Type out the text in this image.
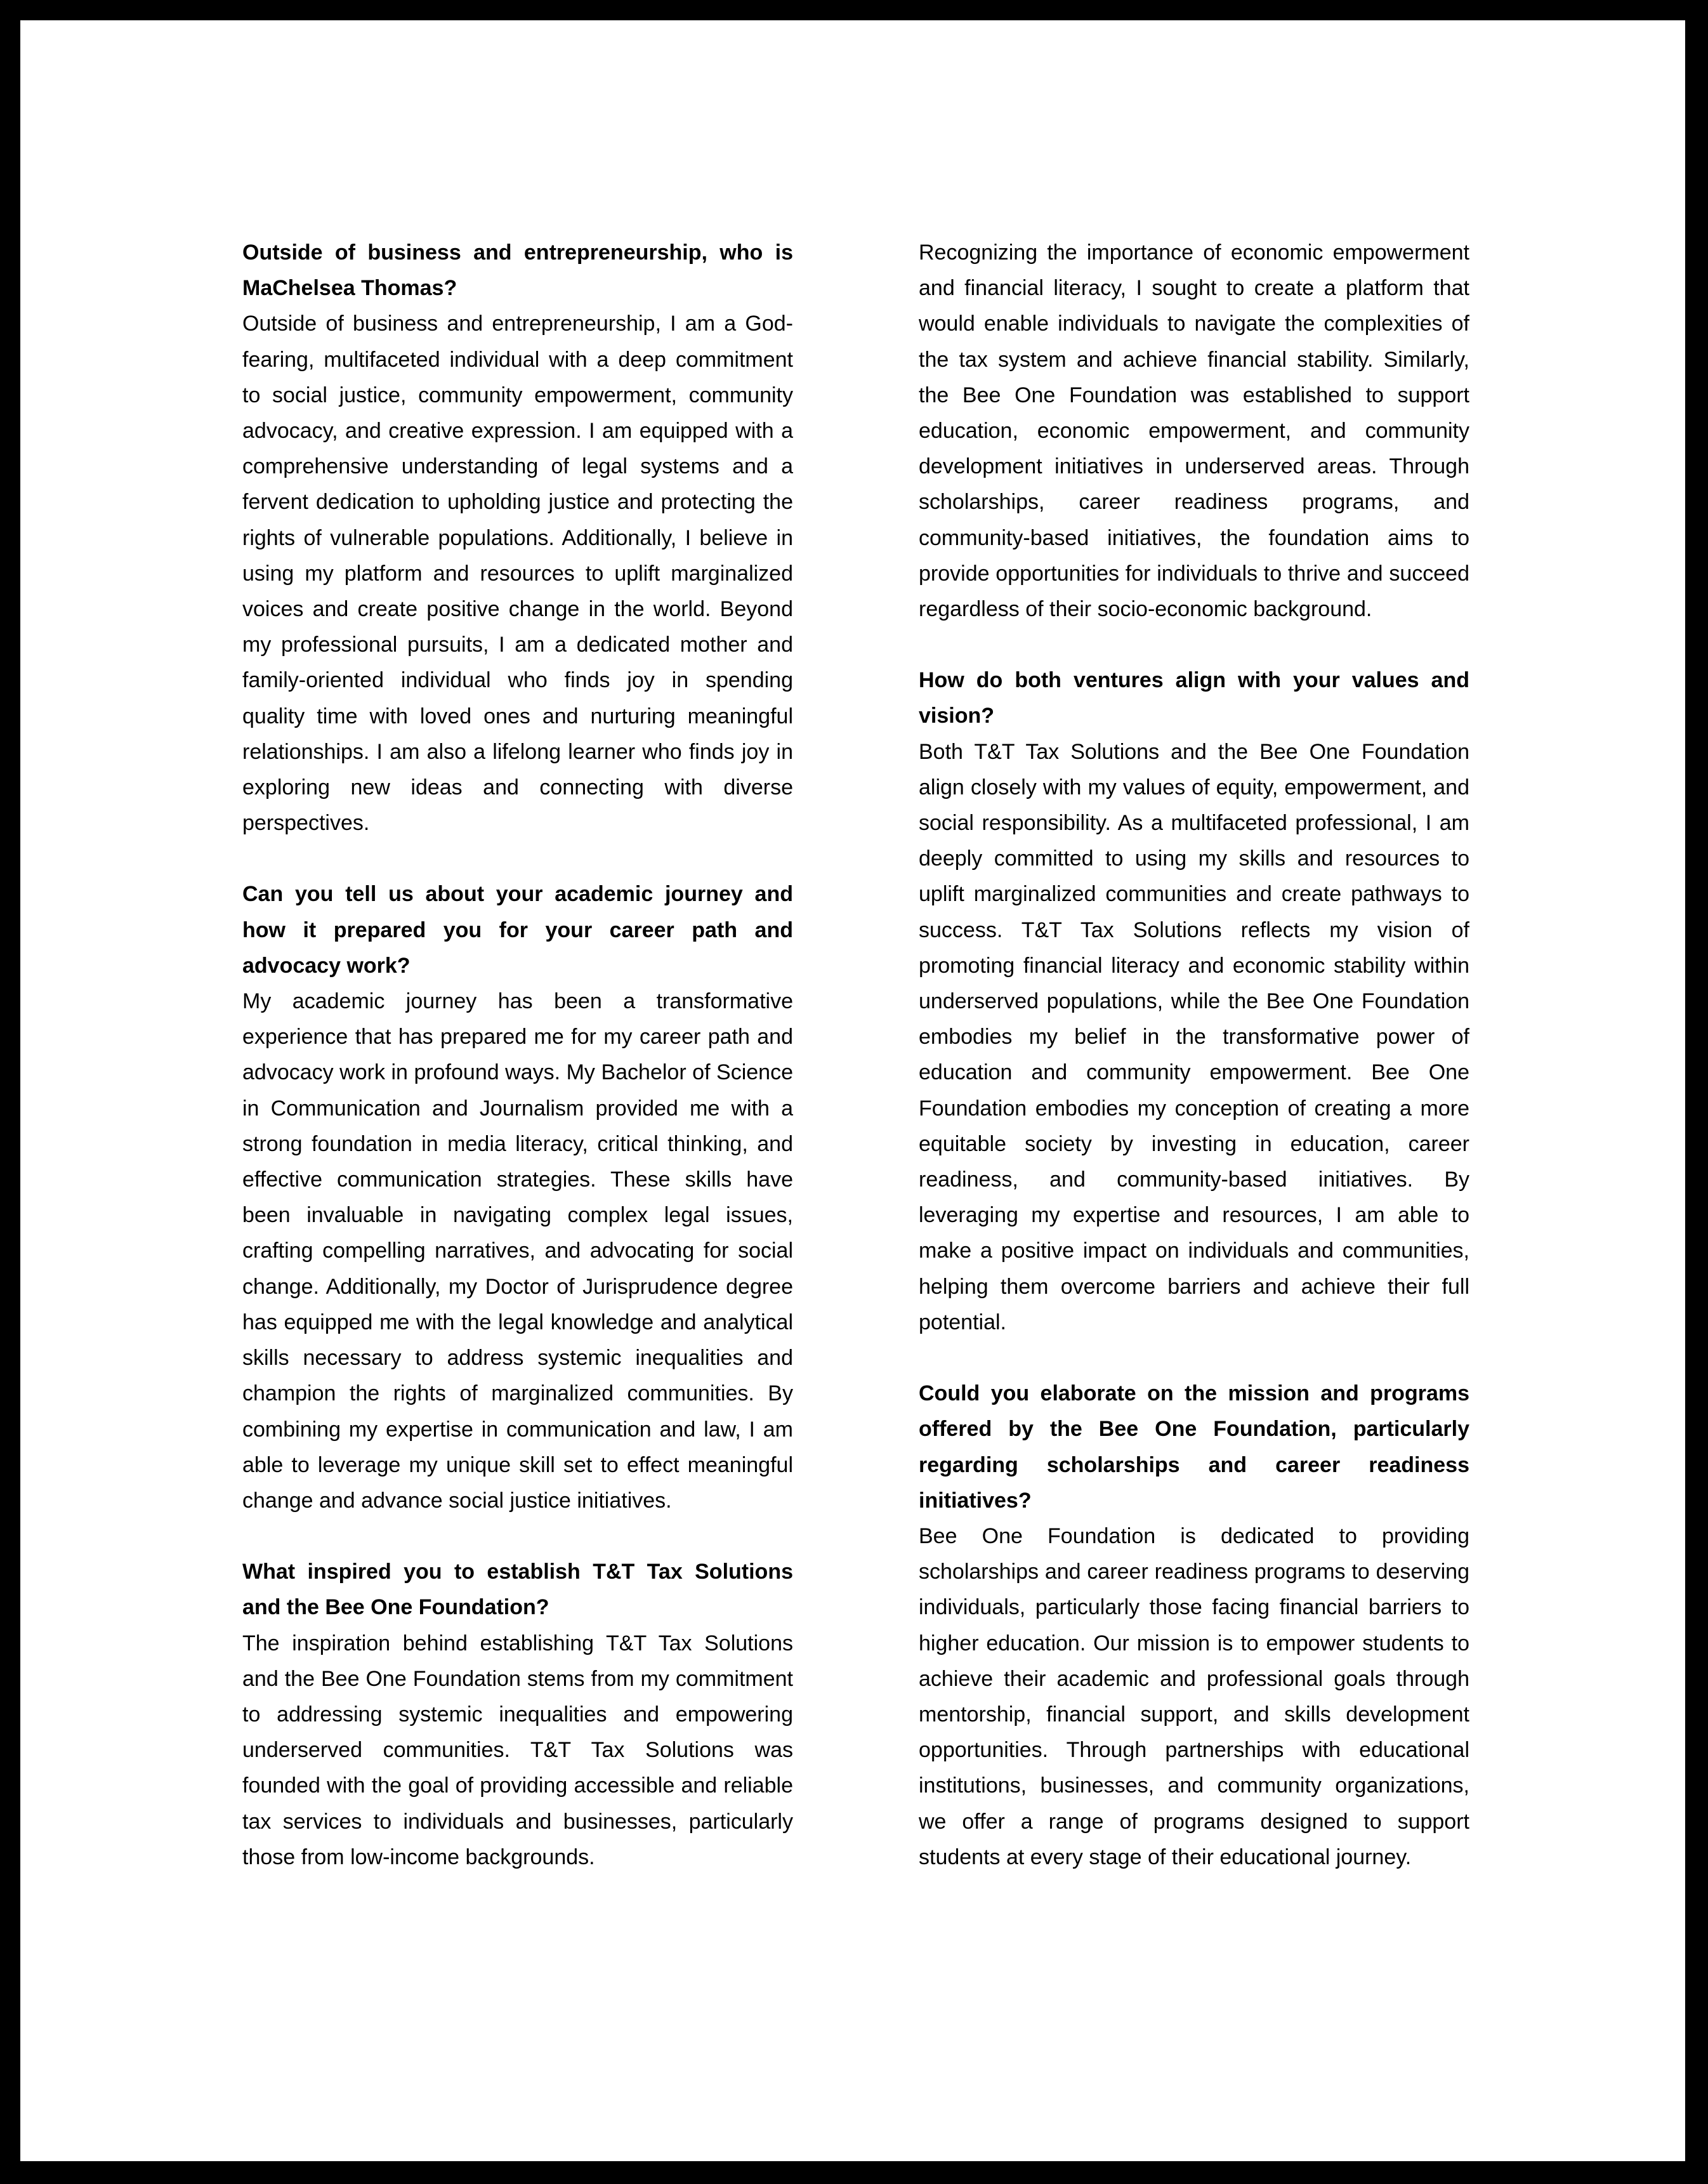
Outside of business and entrepreneurship, who is MaChelsea Thomas?

Outside of business and entrepreneurship, I am a God-fearing, multifaceted individual with a deep commitment to social justice, community empowerment, community advocacy, and creative expression. I am equipped with a comprehensive understanding of legal systems and a fervent dedication to upholding justice and protecting the rights of vulnerable populations. Additionally, I believe in using my platform and resources to uplift marginalized voices and create positive change in the world. Beyond my professional pursuits, I am a dedicated mother and family-oriented individual who finds joy in spending quality time with loved ones and nurturing meaningful relationships. I am also a lifelong learner who finds joy in exploring new ideas and connecting with diverse perspectives.

Can you tell us about your academic journey and how it prepared you for your career path and advocacy work?

My academic journey has been a transformative experience that has prepared me for my career path and advocacy work in profound ways. My Bachelor of Science in Communication and Journalism provided me with a strong foundation in media literacy, critical thinking, and effective communication strategies. These skills have been invaluable in navigating complex legal issues, crafting compelling narratives, and advocating for social change. Additionally, my Doctor of Jurisprudence degree has equipped me with the legal knowledge and analytical skills necessary to address systemic inequalities and champion the rights of marginalized communities. By combining my expertise in communication and law, I am able to leverage my unique skill set to effect meaningful change and advance social justice initiatives.

What inspired you to establish T&T Tax Solutions and the Bee One Foundation?

The inspiration behind establishing T&T Tax Solutions and the Bee One Foundation stems from my commitment to addressing systemic inequalities and empowering underserved communities. T&T Tax Solutions was founded with the goal of providing accessible and reliable tax services to individuals and businesses, particularly those from low-income backgrounds.

Recognizing the importance of economic empowerment and financial literacy, I sought to create a platform that would enable individuals to navigate the complexities of the tax system and achieve financial stability. Similarly, the Bee One Foundation was established to support education, economic empowerment, and community development initiatives in underserved areas. Through scholarships, career readiness programs, and community-based initiatives, the foundation aims to provide opportunities for individuals to thrive and succeed regardless of their socio-economic background.

How do both ventures align with your values and vision?

Both T&T Tax Solutions and the Bee One Foundation align closely with my values of equity, empowerment, and social responsibility. As a multifaceted professional, I am deeply committed to using my skills and resources to uplift marginalized communities and create pathways to success. T&T Tax Solutions reflects my vision of promoting financial literacy and economic stability within underserved populations, while the Bee One Foundation embodies my belief in the transformative power of education and community empowerment. Bee One Foundation embodies my conception of creating a more equitable society by investing in education, career readiness, and community-based initiatives. By leveraging my expertise and resources, I am able to make a positive impact on individuals and communities, helping them overcome barriers and achieve their full potential.

Could you elaborate on the mission and programs offered by the Bee One Foundation, particularly regarding scholarships and career readiness initiatives?

Bee One Foundation is dedicated to providing scholarships and career readiness programs to deserving individuals, particularly those facing financial barriers to higher education. Our mission is to empower students to achieve their academic and professional goals through mentorship, financial support, and skills development opportunities. Through partnerships with educational institutions, businesses, and community organizations, we offer a range of programs designed to support students at every stage of their educational journey.
